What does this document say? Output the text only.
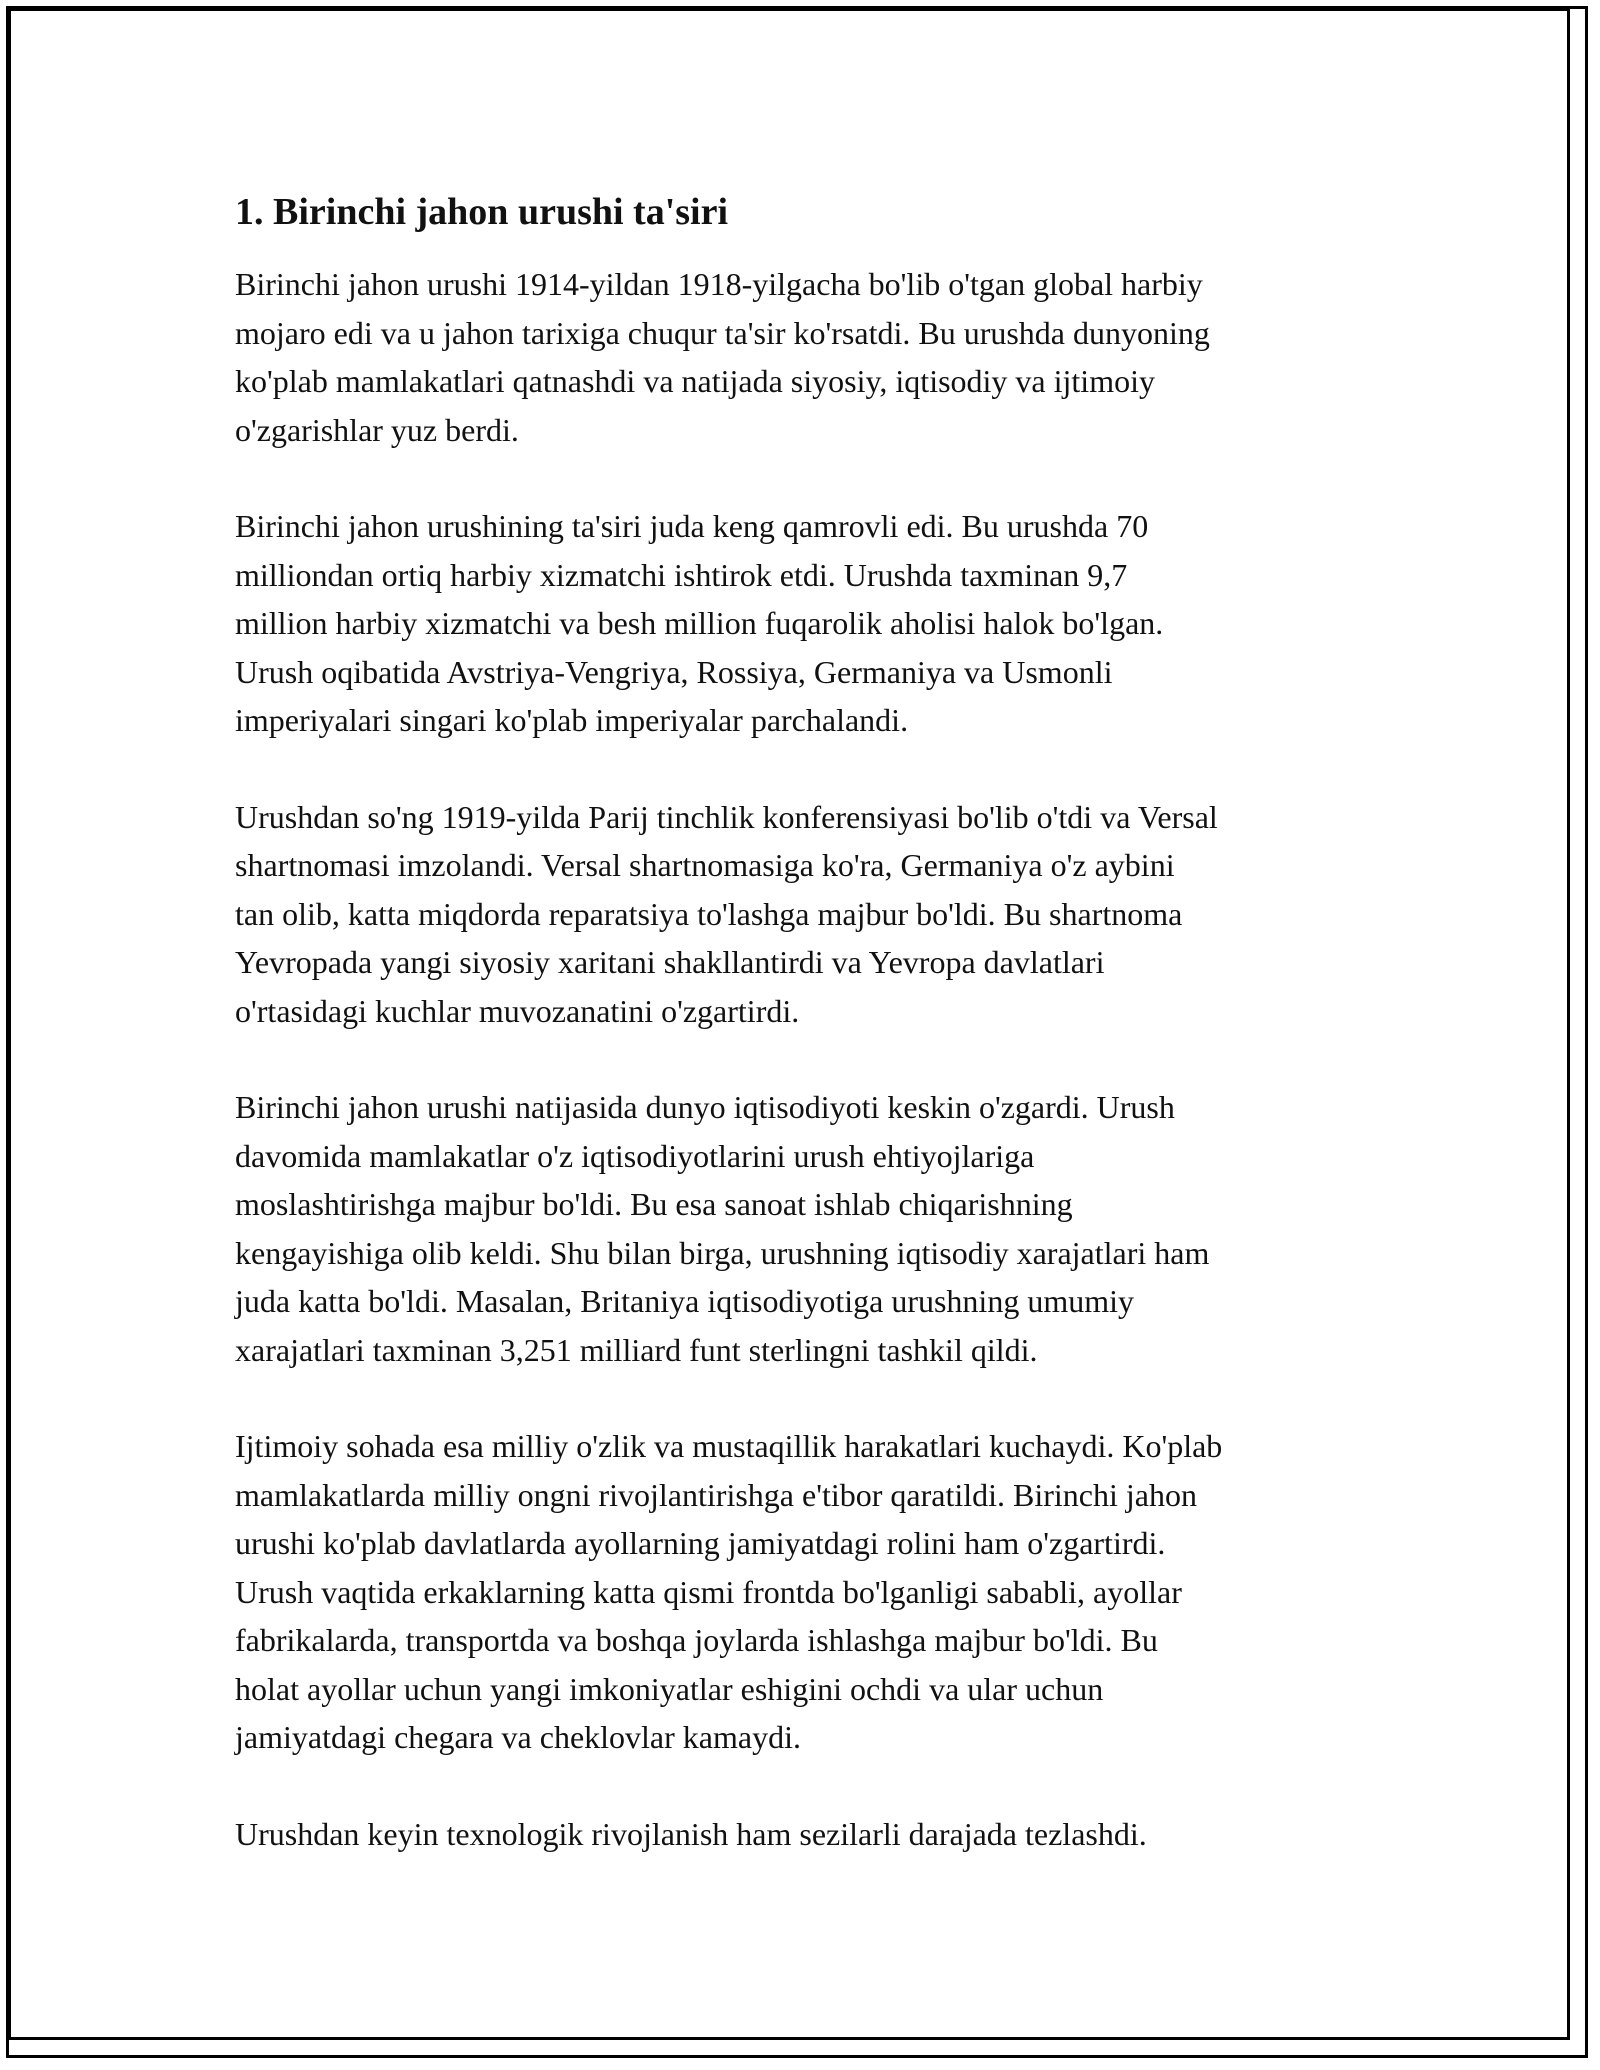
1. Birinchi jahon urushi ta'siri

Birinchi jahon urushi 1914-yildan 1918-yilgacha bo'lib o'tgan global harbiy
mojaro edi va u jahon tarixiga chuqur ta'sir ko'rsatdi. Bu urushda dunyoning
ko'plab mamlakatlari qatnashdi va natijada siyosiy, iqtisodiy va ijtimoiy
o'zgarishlar yuz berdi.

Birinchi jahon urushining ta'siri juda keng qamrovli edi. Bu urushda 70
milliondan ortiq harbiy xizmatchi ishtirok etdi. Urushda taxminan 9,7
million harbiy xizmatchi va besh million fuqarolik aholisi halok bo'lgan.
Urush oqibatida Avstriya-Vengriya, Rossiya, Germaniya va Usmonli
imperiyalari singari ko'plab imperiyalar parchalandi.

Urushdan so'ng 1919-yilda Parij tinchlik konferensiyasi bo'lib o'tdi va Versal
shartnomasi imzolandi. Versal shartnomasiga ko'ra, Germaniya o'z aybini
tan olib, katta miqdorda reparatsiya to'lashga majbur bo'ldi. Bu shartnoma
Yevropada yangi siyosiy xaritani shakllantirdi va Yevropa davlatlari
o'rtasidagi kuchlar muvozanatini o'zgartirdi.

Birinchi jahon urushi natijasida dunyo iqtisodiyoti keskin o'zgardi. Urush
davomida mamlakatlar o'z iqtisodiyotlarini urush ehtiyojlariga
moslashtirishga majbur bo'ldi. Bu esa sanoat ishlab chiqarishning
kengayishiga olib keldi. Shu bilan birga, urushning iqtisodiy xarajatlari ham
juda katta bo'ldi. Masalan, Britaniya iqtisodiyotiga urushning umumiy
xarajatlari taxminan 3,251 milliard funt sterlingni tashkil qildi.

Ijtimoiy sohada esa milliy o'zlik va mustaqillik harakatlari kuchaydi. Ko'plab
mamlakatlarda milliy ongni rivojlantirishga e'tibor qaratildi. Birinchi jahon
urushi ko'plab davlatlarda ayollarning jamiyatdagi rolini ham o'zgartirdi.
Urush vaqtida erkaklarning katta qismi frontda bo'lganligi sababli, ayollar
fabrikalarda, transportda va boshqa joylarda ishlashga majbur bo'ldi. Bu
holat ayollar uchun yangi imkoniyatlar eshigini ochdi va ular uchun
jamiyatdagi chegara va cheklovlar kamaydi.

Urushdan keyin texnologik rivojlanish ham sezilarli darajada tezlashdi.
